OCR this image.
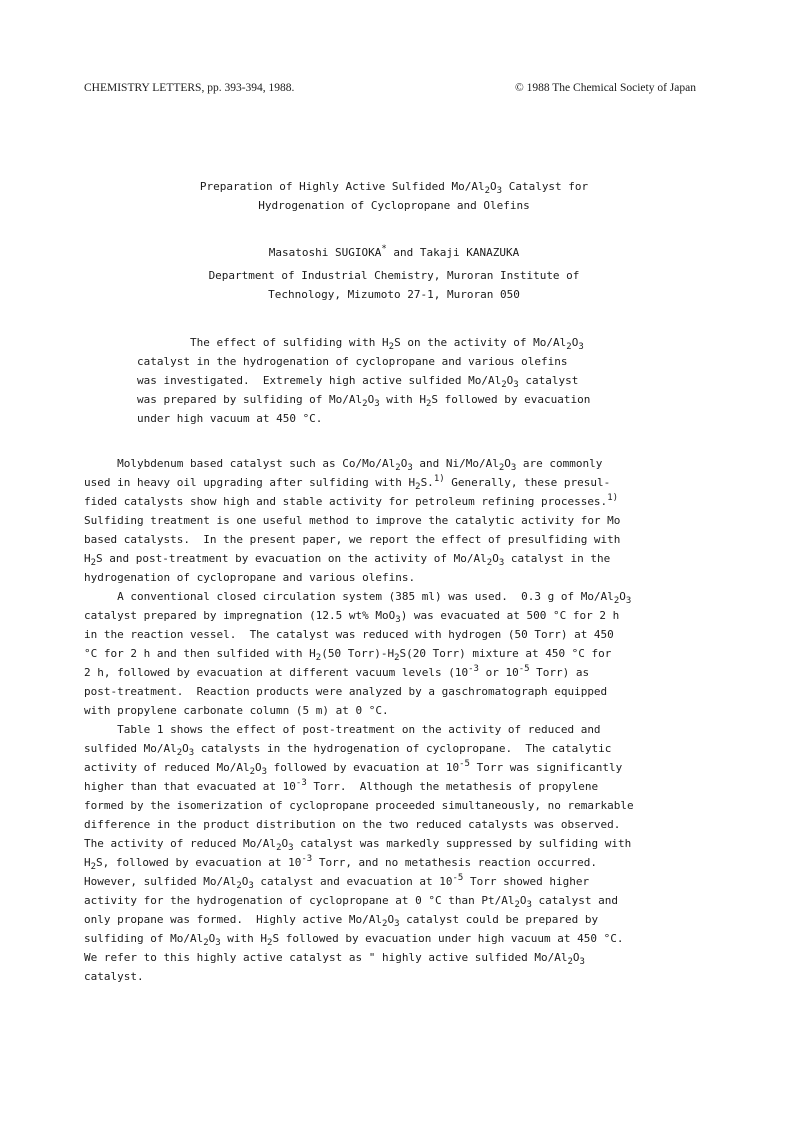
CHEMISTRY LETTERS, pp. 393-394, 1988.	© 1988 The Chemical Society of Japan
Preparation of Highly Active Sulfided $Mo/Al_2O_3$ Catalyst for
Hydrogenation of Cyclopropane and Olefins
Masatoshi SUGIOKA* and Takaji KANAZUKA
Department of Industrial Chemistry, Muroran Institute of
Technology, Mizumoto 27-1, Muroran 050
The effect of sulfiding with $H_2S$ on the activity of $Mo/Al_2O_3$
catalyst in the hydrogenation of cyclopropane and various olefins
was investigated.  Extremely high active sulfided $Mo/Al_2O_3$ catalyst
was prepared by sulfiding of $Mo/Al_2O_3$ with $H_2S$ followed by evacuation
under high vacuum at 450 °C.

Molybdenum based catalyst such as $Co/Mo/Al_2O_3$ and $Ni/Mo/Al_2O_3$ are commonly
used in heavy oil upgrading after sulfiding with $H_2S.^{1)}$ Generally, these presul-
fided catalysts show high and stable activity for petroleum refining processes.$^{1)}$
Sulfiding treatment is one useful method to improve the catalytic activity for Mo
based catalysts.  In the present paper, we report the effect of presulfiding with
$H_2S$ and post-treatment by evacuation on the activity of $Mo/Al_2O_3$ catalyst in the
hydrogenation of cyclopropane and various olefins.

A conventional closed circulation system (385 ml) was used.  0.3 g of $Mo/Al_2O_3$
catalyst prepared by impregnation (12.5 wt% MoO$_3$) was evacuated at 500 °C for 2 h
in the reaction vessel.  The catalyst was reduced with hydrogen (50 Torr) at 450
°C for 2 h and then sulfided with $H_2(50$ $Torr)-H_2S(20$ Torr) mixture at 450 °C for
2 h, followed by evacuation at different vacuum levels ($10^{-3}$ or $10^{-5}$ Torr) as
post-treatment.  Reaction products were analyzed by a gaschromatograph equipped
with propylene carbonate column (5 m) at 0 °C.

Table 1 shows the effect of post-treatment on the activity of reduced and
sulfided $Mo/Al_2O_3$ catalysts in the hydrogenation of cyclopropane.  The catalytic
activity of reduced $Mo/Al_2O_3$ followed by evacuation at $10^{-5}$ Torr was significantly
higher than that evacuated at $10^{-3}$ Torr.  Although the metathesis of propylene
formed by the isomerization of cyclopropane proceeded simultaneously, no remarkable
difference in the product distribution on the two reduced catalysts was observed.
The activity of reduced $Mo/Al_2O_3$ catalyst was markedly suppressed by sulfiding with
$H_2S$, followed by evacuation at $10^{-3}$ Torr, and no metathesis reaction occurred.
However, sulfided $Mo/Al_2O_3$ catalyst and evacuation at $10^{-5}$ Torr showed higher
activity for the hydrogenation of cyclopropane at 0 °C than $Pt/Al_2O_3$ catalyst and
only propane was formed.  Highly active $Mo/Al_2O_3$ catalyst could be prepared by
sulfiding of $Mo/Al_2O_3$ with $H_2S$ followed by evacuation under high vacuum at 450 °C.
We refer to this highly active catalyst as " highly active sulfided $Mo/Al_2O_3$
catalyst.
